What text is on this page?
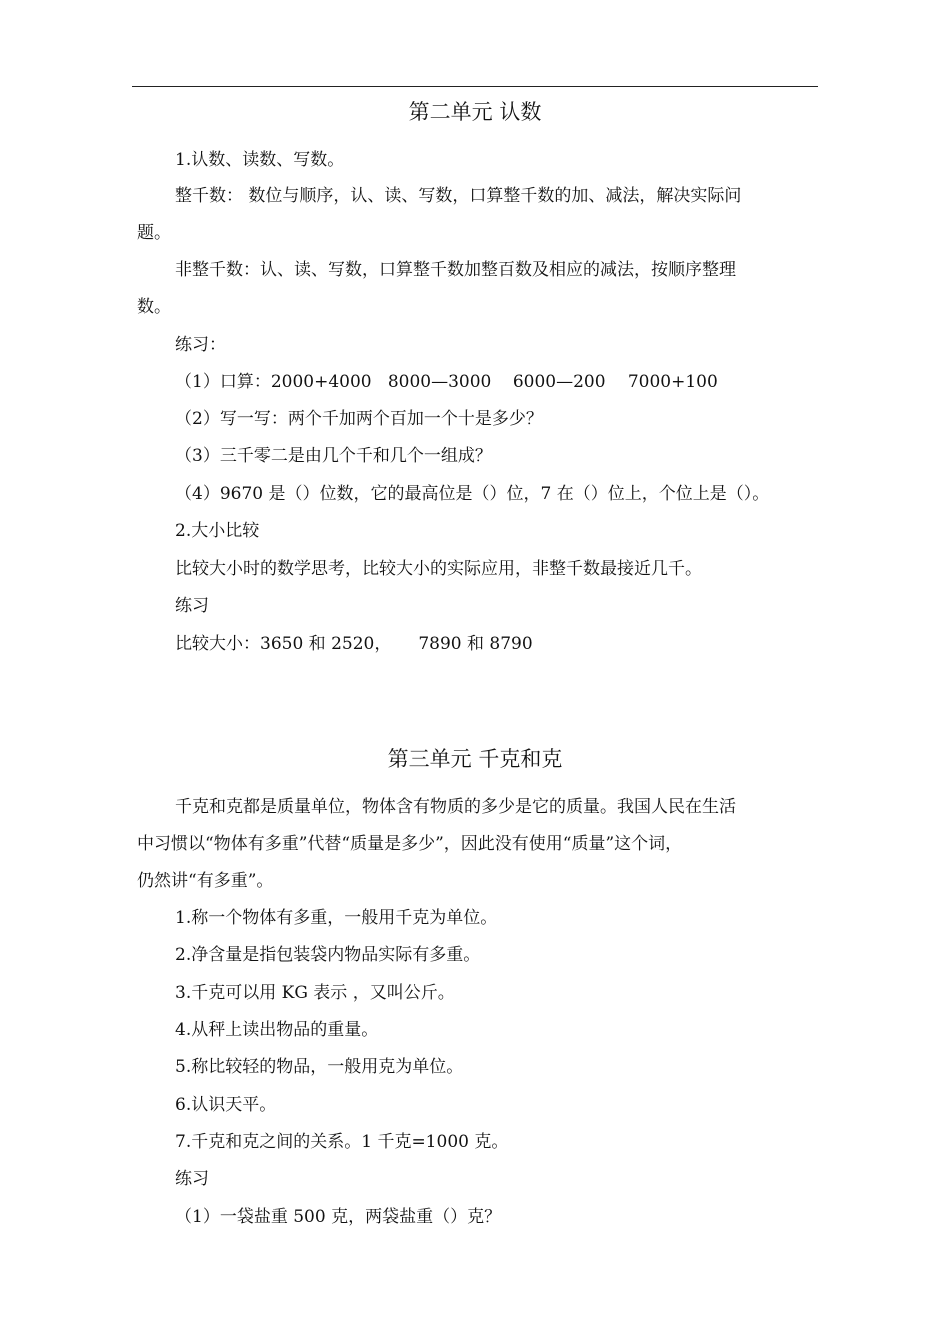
第二单元 认数
1.认数、读数、写数。
整千数： 数位与顺序，认、读、写数，口算整千数的加、减法，解决实际问
题。
非整千数：认、读、写数，口算整千数加整百数及相应的减法，按顺序整理
数。
练习：
（1）口算：2000+4000 8000—3000 6000—200 7000+100
（2）写一写：两个千加两个百加一个十是多少？
（3）三千零二是由几个千和几个一组成？
（4）9670 是（）位数，它的最高位是（）位，7 在（）位上，个位上是（）。
2.大小比较
比较大小时的数学思考，比较大小的实际应用，非整千数最接近几千。
练习
比较大小：3650 和 2520，     7890 和 8790
第三单元 千克和克
千克和克都是质量单位，物体含有物质的多少是它的质量。我国人民在生活
中习惯以“物体有多重”代替“质量是多少”，因此没有使用“质量”这个词，
仍然讲“有多重”。
1.称一个物体有多重，一般用千克为单位。
2.净含量是指包装袋内物品实际有多重。
3.千克可以用 KG 表示 ，又叫公斤。
4.从秤上读出物品的重量。
5.称比较轻的物品，一般用克为单位。
6.认识天平。
7.千克和克之间的关系。1 千克=1000 克。
练习
（1）一袋盐重 500 克，两袋盐重（）克？
